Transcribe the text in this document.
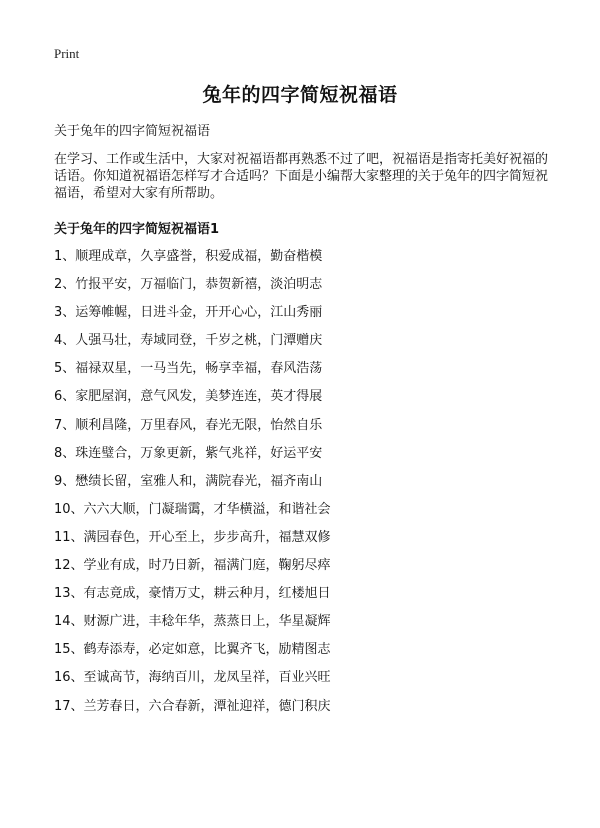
Print
兔年的四字简短祝福语

关于兔年的四字简短祝福语

在学习、工作或生活中，大家对祝福语都再熟悉不过了吧，祝福语是指寄托美好祝福的话语。你知道祝福语怎样写才合适吗？下面是小编帮大家整理的关于兔年的四字简短祝福语，希望对大家有所帮助。

关于兔年的四字简短祝福语1
1、顺理成章，久享盛誉，积爱成福，勤奋楷模
2、竹报平安，万福临门，恭贺新禧，淡泊明志
3、运筹帷幄，日进斗金，开开心心，江山秀丽
4、人强马壮，寿域同登，千岁之桃，门潭赠庆
5、福禄双星，一马当先，畅享幸福，春风浩荡
6、家肥屋润，意气风发，美梦连连，英才得展
7、顺利昌隆，万里春风，春光无限，怡然自乐
8、珠连璧合，万象更新，紫气兆祥，好运平安
9、懋绩长留，室雅人和，满院春光，福齐南山
10、六六大顺，门凝瑞霭，才华横溢，和谐社会
11、满园春色，开心至上，步步高升，福慧双修
12、学业有成，时乃日新，福满门庭，鞠躬尽瘁
13、有志竟成，豪情万丈，耕云种月，红楼旭日
14、财源广进，丰稔年华，蒸蒸日上，华星凝辉
15、鹤寿添寿，必定如意，比翼齐飞，励精图志
16、至诚高节，海纳百川，龙凤呈祥，百业兴旺
17、兰芳春日，六合春新，潭祉迎祥，德门积庆
